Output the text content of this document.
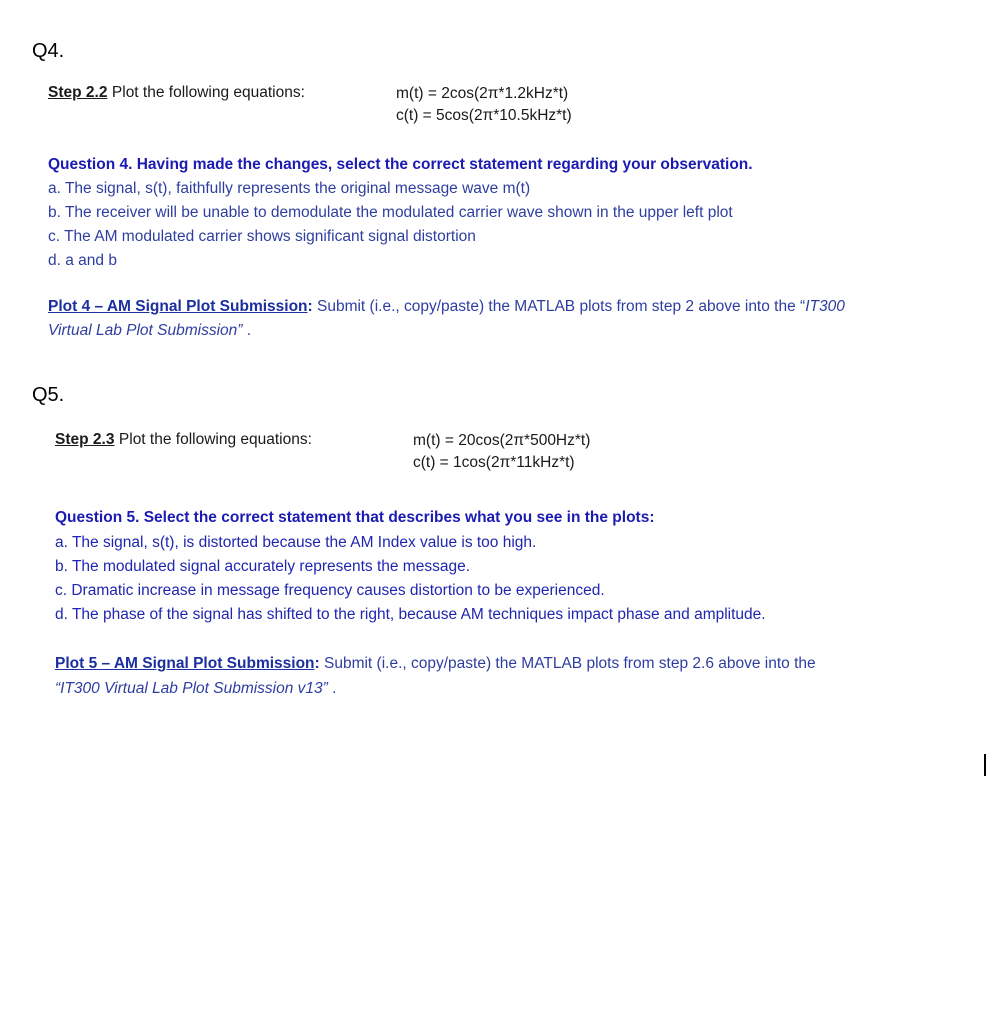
Q4.
Step 2.2 Plot the following equations:	m(t) = 2cos(2π*1.2kHz*t)
c(t) = 5cos(2π*10.5kHz*t)
Question 4. Having made the changes, select the correct statement regarding your observation.
a. The signal, s(t), faithfully represents the original message wave m(t)
b. The receiver will be unable to demodulate the modulated carrier wave shown in the upper left plot
c. The AM modulated carrier shows significant signal distortion
d. a and b
Plot 4 – AM Signal Plot Submission: Submit (i.e., copy/paste) the MATLAB plots from step 2 above into the “IT300
Virtual Lab Plot Submission” .
Q5.
Step 2.3 Plot the following equations:	m(t) = 20cos(2π*500Hz*t)
c(t) = 1cos(2π*11kHz*t)
Question 5. Select the correct statement that describes what you see in the plots:
a. The signal, s(t), is distorted because the AM Index value is too high.
b. The modulated signal accurately represents the message.
c. Dramatic increase in message frequency causes distortion to be experienced.
d. The phase of the signal has shifted to the right, because AM techniques impact phase and amplitude.
Plot 5 – AM Signal Plot Submission: Submit (i.e., copy/paste) the MATLAB plots from step 2.6 above into the
“IT300 Virtual Lab Plot Submission v13” .
